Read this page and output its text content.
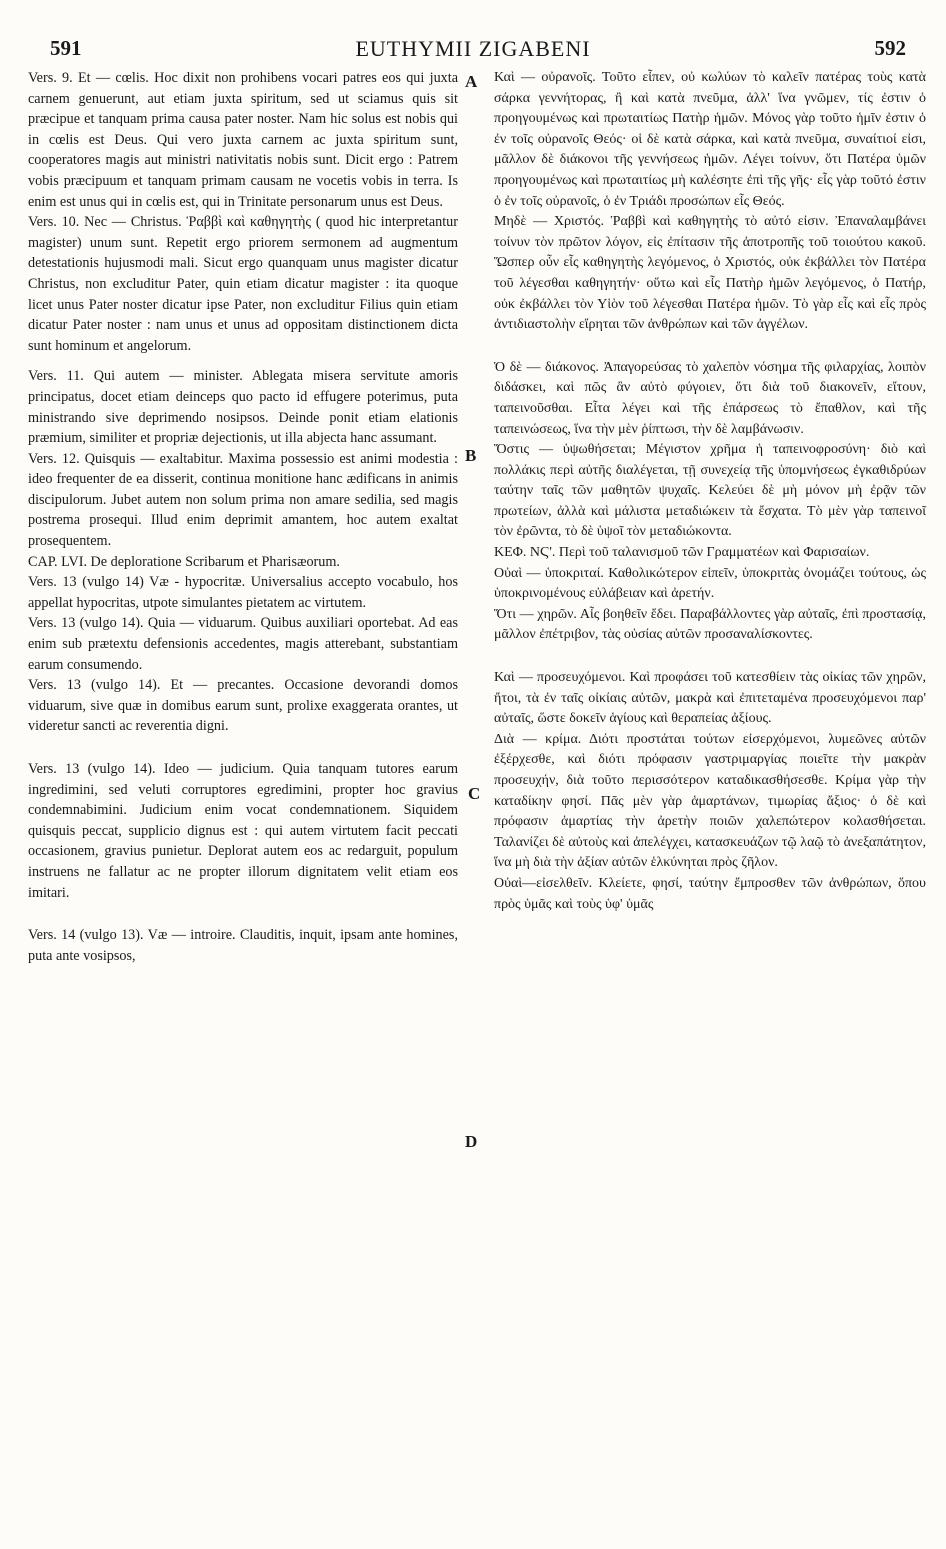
591	EUTHYMII ZIGABENI	592
A
B
C
D

Vers. 9. Et — cœlis. Hoc dixit non prohibens vocari patres eos qui juxta carnem genuerunt, aut etiam juxta spiritum, sed ut sciamus quis sit præcipue et tanquam prima causa pater noster. Nam hic solus est nobis qui in cœlis est Deus. Qui vero juxta carnem ac juxta spiritum sunt, cooperatores magis aut ministri nativitatis nobis sunt. Dicit ergo : Patrem vobis præcipuum et tanquam primam causam ne vocetis vobis in terra. Is enim est unus qui in cœlis est, qui in Trinitate personarum unus est Deus.

Vers. 10. Nec — Christus. Ῥαββὶ καὶ καθηγητὴς ( quod hic interpretantur magister) unum sunt. Repetit ergo priorem sermonem ad augmentum detestationis hujusmodi mali. Sicut ergo quanquam unus magister dicatur Christus, non excluditur Pater, quin etiam dicatur magister : ita quoque licet unus Pater noster dicatur ipse Pater, non excluditur Filius quin etiam dicatur Pater noster : nam unus et unus ad oppositam distinctionem dicta sunt hominum et angelorum.

Vers. 11. Qui autem — minister. Ablegata misera servitute amoris principatus, docet etiam deinceps quo pacto id effugere poterimus, puta ministrando sive deprimendo nosipsos. Deinde ponit etiam elationis præmium, similiter et propriæ dejectionis, ut illa abjecta hanc assumant.

Vers. 12. Quisquis — exaltabitur. Maxima possessio est animi modestia : ideo frequenter de ea disserit, continua monitione hanc ædificans in animis discipulorum. Jubet autem non solum prima non amare sedilia, sed magis postrema prosequi. Illud enim deprimit amantem, hoc autem exaltat prosequentem.

CAP. LVI. De deploratione Scribarum et Pharisæorum.

Vers. 13 (vulgo 14) Væ - hypocritæ. Universalius accepto vocabulo, hos appellat hypocritas, utpote simulantes pietatem ac virtutem.

Vers. 13 (vulgo 14). Quia — viduarum. Quibus auxiliari oportebat. Ad eas enim sub prætextu defensionis accedentes, magis atterebant, substantiam earum consumendo.

Vers. 13 (vulgo 14). Et — precantes. Occasione devorandi domos viduarum, sive quæ in domibus earum sunt, prolixe exaggerata orantes, ut videretur sancti ac reverentia digni.

Vers. 13 (vulgo 14). Ideo — judicium. Quia tanquam tutores earum ingredimini, sed veluti corruptores egredimini, propter hoc gravius condemnabimini. Judicium enim vocat condemnationem. Siquidem quisquis peccat, supplicio dignus est : qui autem virtutem facit peccati occasionem, gravius punietur. Deplorat autem eos ac redarguit, populum instruens ne fallatur ac ne propter illorum dignitatem velit etiam eos imitari.

Vers. 14 (vulgo 13). Væ — introire. Clauditis, inquit, ipsam ante homines, puta ante vosipsos,

Καὶ — οὐρανοῖς. Τοῦτο εἶπεν, οὐ κωλύων τὸ καλεῖν πατέρας τοὺς κατὰ σάρκα γεννήτορας, ἢ καὶ κατὰ πνεῦμα, ἀλλ' ἵνα γνῶμεν, τίς ἐστιν ὁ προηγουμένως καὶ πρωταιτίως Πατὴρ ἡμῶν. Μόνος γὰρ τοῦτο ἡμῖν ἐστιν ὁ ἐν τοῖς οὐρανοῖς Θεός· οἱ δὲ κατὰ σάρκα, καὶ κατὰ πνεῦμα, συναίτιοί εἰσι, μᾶλλον δὲ διάκονοι τῆς γεννήσεως ἡμῶν. Λέγει τοίνυν, ὅτι Πατέρα ὑμῶν προηγουμένως καὶ πρωταιτίως μὴ καλέσητε ἐπὶ τῆς γῆς· εἷς γὰρ τοῦτό ἐστιν ὁ ἐν τοῖς οὐρανοῖς, ὁ ἐν Τριάδι προσώπων εἷς Θεός.

Μηδὲ — Χριστός. Ῥαββὶ καὶ καθηγητὴς τὸ αὐτό εἰσιν. Ἐπαναλαμβάνει τοίνυν τὸν πρῶτον λόγον, εἰς ἐπίτασιν τῆς ἀποτροπῆς τοῦ τοιούτου κακοῦ. Ὥσπερ οὖν εἷς καθηγητὴς λεγόμενος, ὁ Χριστός, οὐκ ἐκβάλλει τὸν Πατέρα τοῦ λέγεσθαι καθηγητήν· οὕτω καὶ εἷς Πατὴρ ἡμῶν λεγόμενος, ὁ Πατήρ, οὐκ ἐκβάλλει τὸν Υἱὸν τοῦ λέγεσθαι Πατέρα ἡμῶν. Τὸ γὰρ εἷς καὶ εἷς πρὸς ἀντιδιαστολὴν εἴρηται τῶν ἀνθρώπων καὶ τῶν ἀγγέλων.

Ὁ δὲ — διάκονος. Ἀπαγορεύσας τὸ χαλεπὸν νόσημα τῆς φιλαρχίας, λοιπὸν διδάσκει, καὶ πῶς ἂν αὐτὸ φύγοιεν, ὅτι διὰ τοῦ διακονεῖν, εἴτουν, ταπεινοῦσθαι. Εἶτα λέγει καὶ τῆς ἐπάρσεως τὸ ἔπαθλον, καὶ τῆς ταπεινώσεως, ἵνα τὴν μὲν ῥίπτωσι, τὴν δὲ λαμβάνωσιν.

Ὅστις — ὑψωθήσεται; Μέγιστον χρῆμα ἡ ταπεινοφροσύνη· διὸ καὶ πολλάκις περὶ αὐτῆς διαλέγεται, τῇ συνεχείᾳ τῆς ὑπομνήσεως ἐγκαθιδρύων ταύτην ταῖς τῶν μαθητῶν ψυχαῖς. Κελεύει δὲ μὴ μόνον μὴ ἐρᾷν τῶν πρωτείων, ἀλλὰ καὶ μάλιστα μεταδιώκειν τὰ ἔσχατα. Τὸ μὲν γὰρ ταπεινοῖ τὸν ἐρῶντα, τὸ δὲ ὑψοῖ τὸν μεταδιώκοντα.

ΚΕΦ. ΝϚ'. Περὶ τοῦ ταλανισμοῦ τῶν Γραμματέων καὶ Φαρισαίων.

Οὐαὶ — ὑποκριταί. Καθολικώτερον εἰπεῖν, ὑποκριτὰς ὀνομάζει τούτους, ὡς ὑποκρινομένους εὐλάβειαν καὶ ἀρετήν.

Ὅτι — χηρῶν. Αἷς βοηθεῖν ἔδει. Παραβάλλοντες γὰρ αὐταῖς, ἐπὶ προστασίᾳ, μᾶλλον ἐπέτριβον, τὰς οὐσίας αὐτῶν προσαναλίσκοντες.

Καὶ — προσευχόμενοι. Καὶ προφάσει τοῦ κατεσθίειν τὰς οἰκίας τῶν χηρῶν, ἤτοι, τὰ ἐν ταῖς οἰκίαις αὐτῶν, μακρὰ καὶ ἐπιτεταμένα προσευχόμενοι παρ' αὐταῖς, ὥστε δοκεῖν ἁγίους καὶ θεραπείας ἀξίους.

Διὰ — κρίμα. Διότι προστάται τούτων εἰσερχόμενοι, λυμεῶνες αὐτῶν ἐξέρχεσθε, καὶ διότι πρόφασιν γαστριμαργίας ποιεῖτε τὴν μακρὰν προσευχήν, διὰ τοῦτο περισσότερον καταδικασθήσεσθε. Κρίμα γὰρ τὴν καταδίκην φησί. Πᾶς μὲν γὰρ ἁμαρτάνων, τιμωρίας ἄξιος· ὁ δὲ καὶ πρόφασιν ἁμαρτίας τὴν ἀρετὴν ποιῶν χαλεπώτερον κολασθήσεται. Ταλανίζει δὲ αὐτοὺς καὶ ἀπελέγχει, κατασκευάζων τῷ λαῷ τὸ ἀνεξαπάτητον, ἵνα μὴ διὰ τὴν ἀξίαν αὐτῶν ἑλκύνηται πρὸς ζῆλον.

Οὐαὶ—εἰσελθεῖν. Κλείετε, φησί, ταύτην ἔμπροσθεν τῶν ἀνθρώπων, ὅπου πρὸς ὑμᾶς καὶ τοὺς ὑφ' ὑμᾶς
